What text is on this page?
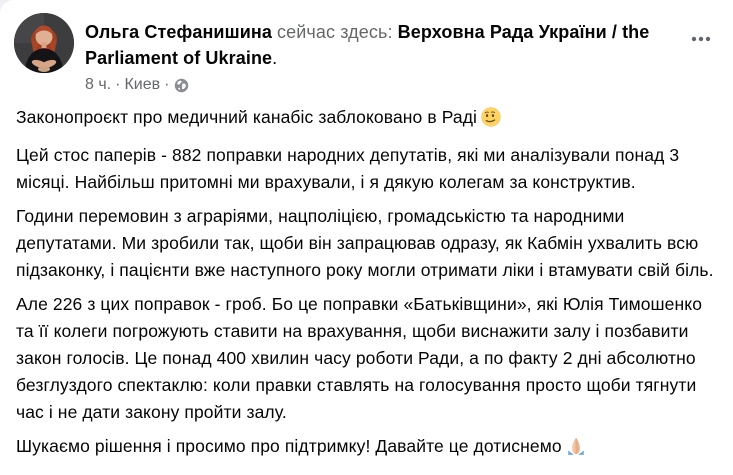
Ольга Стефанишина сейчас здесь: Верховна Рада України / the Parliament of Ukraine.
8 ч. · Киев ·

Законопроєкт про медичний канабіс заблоковано в Раді

Цей стос паперів - 882 поправки народних депутатів, які ми аналізували понад 3 місяці. Найбільш притомні ми врахували, і я дякую колегам за конструктив.

Години перемовин з аграріями, нацполіцією, громадськістю та народними депутатами. Ми зробили так, щоби він запрацював одразу, як Кабмін ухвалить всю підзаконку, і пацієнти вже наступного року могли отримати ліки і втамувати свій біль.

Але 226 з цих поправок - гроб. Бо це поправки «Батьківщини», які Юлія Тимошенко та її колеги погрожують ставити на врахування, щоби виснажити залу і позбавити закон голосів. Це понад 400 хвилин часу роботи Ради, а по факту 2 дні абсолютно безглуздого спектаклю: коли правки ставлять на голосування просто щоби тягнути час і не дати закону пройти залу.

Шукаємо рішення і просимо про підтримку! Давайте це дотиснемо
